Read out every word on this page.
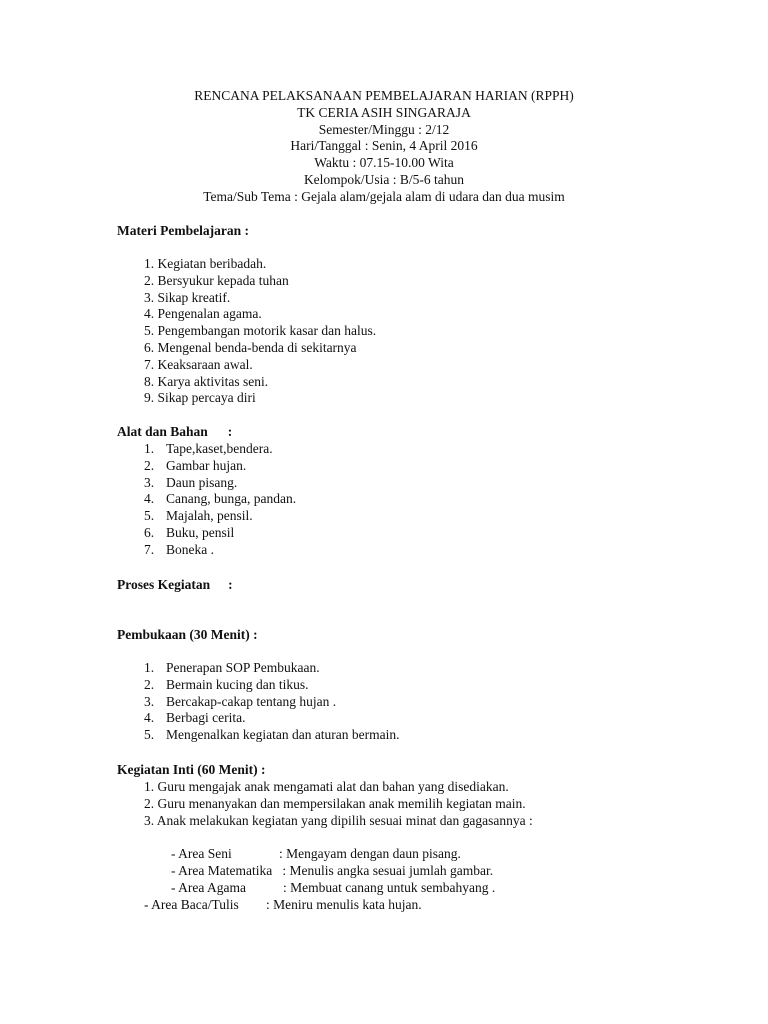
RENCANA PELAKSANAAN PEMBELAJARAN HARIAN (RPPH)
TK CERIA ASIH SINGARAJA
Semester/Minggu : 2/12
Hari/Tanggal : Senin, 4 April 2016
Waktu : 07.15-10.00 Wita
Kelompok/Usia : B/5-6 tahun
Tema/Sub Tema : Gejala alam/gejala alam di udara dan dua musim
Materi Pembelajaran :
1. Kegiatan beribadah.
2. Bersyukur kepada tuhan
3. Sikap kreatif.
4. Pengenalan agama.
5. Pengembangan motorik kasar dan halus.
6. Mengenal benda-benda di sekitarnya
7. Keaksaraan awal.
8. Karya aktivitas seni.
9. Sikap percaya diri
Alat dan Bahan :
1. Tape,kaset,bendera.
2. Gambar hujan.
3. Daun pisang.
4. Canang, bunga, pandan.
5. Majalah, pensil.
6. Buku, pensil
7. Boneka .
Proses Kegiatan :
Pembukaan (30 Menit) :
1. Penerapan SOP Pembukaan.
2. Bermain kucing dan tikus.
3. Bercakap-cakap tentang hujan .
4. Berbagi cerita.
5. Mengenalkan kegiatan dan aturan bermain.
Kegiatan Inti (60 Menit) :
1. Guru mengajak anak mengamati alat dan bahan yang disediakan.
2. Guru menanyakan dan mempersilakan anak memilih kegiatan main.
3. Anak melakukan kegiatan yang dipilih sesuai minat dan gagasannya :
- Area Seni	: Mengayam dengan daun pisang.
- Area Matematika : Menulis angka sesuai jumlah gambar.
- Area Agama	: Membuat canang untuk sembahyang .
- Area Baca/Tulis : Meniru menulis kata hujan.
